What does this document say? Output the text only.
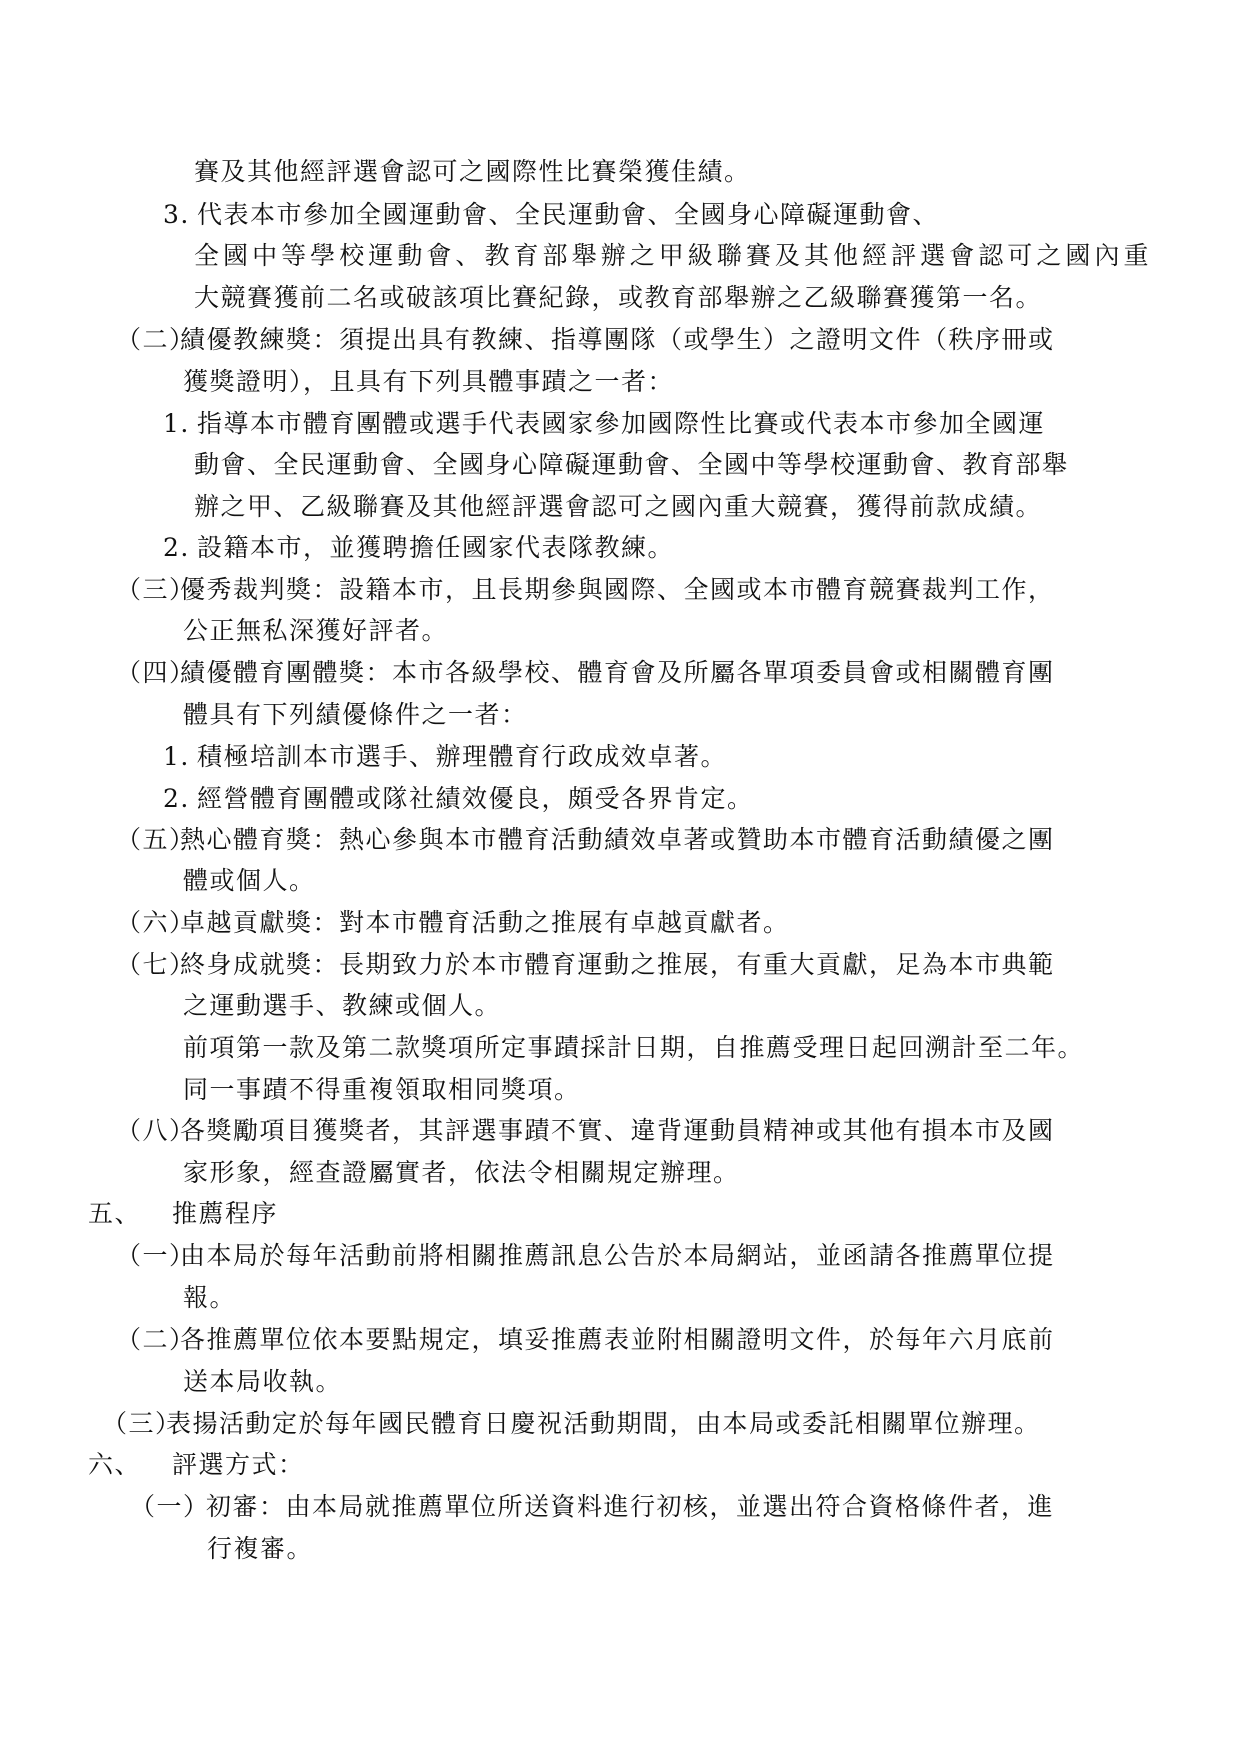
賽及其他經評選會認可之國際性比賽榮獲佳績。
3. 代表本市參加全國運動會、全民運動會、全國身心障礙運動會、
全國中等學校運動會、教育部舉辦之甲級聯賽及其他經評選會認可之國內重
大競賽獲前二名或破該項比賽紀錄，或教育部舉辦之乙級聯賽獲第一名。
（二）績優教練獎：須提出具有教練、指導團隊（或學生）之證明文件（秩序冊或
獲獎證明），且具有下列具體事蹟之一者：
1. 指導本市體育團體或選手代表國家參加國際性比賽或代表本市參加全國運
動會、全民運動會、全國身心障礙運動會、全國中等學校運動會、教育部舉
辦之甲、乙級聯賽及其他經評選會認可之國內重大競賽，獲得前款成績。
2. 設籍本市，並獲聘擔任國家代表隊教練。
（三）優秀裁判獎：設籍本市，且長期參與國際、全國或本市體育競賽裁判工作，
公正無私深獲好評者。
（四）績優體育團體獎：本市各級學校、體育會及所屬各單項委員會或相關體育團
體具有下列績優條件之一者：
1. 積極培訓本市選手、辦理體育行政成效卓著。
2. 經營體育團體或隊社績效優良，頗受各界肯定。
（五）熱心體育獎：熱心參與本市體育活動績效卓著或贊助本市體育活動績優之團
體或個人。
（六）卓越貢獻獎：對本市體育活動之推展有卓越貢獻者。
（七）終身成就獎：長期致力於本市體育運動之推展，有重大貢獻，足為本市典範
之運動選手、教練或個人。
前項第一款及第二款獎項所定事蹟採計日期，自推薦受理日起回溯計至二年。
同一事蹟不得重複領取相同獎項。
（八）各獎勵項目獲獎者，其評選事蹟不實、違背運動員精神或其他有損本市及國
家形象，經查證屬實者，依法令相關規定辦理。
五、 推薦程序
（一）由本局於每年活動前將相關推薦訊息公告於本局網站，並函請各推薦單位提
報。
（二）各推薦單位依本要點規定，填妥推薦表並附相關證明文件，於每年六月底前
送本局收執。
（三）表揚活動定於每年國民體育日慶祝活動期間，由本局或委託相關單位辦理。
六、 評選方式：
（一）初審：由本局就推薦單位所送資料進行初核，並選出符合資格條件者，進
行複審。
